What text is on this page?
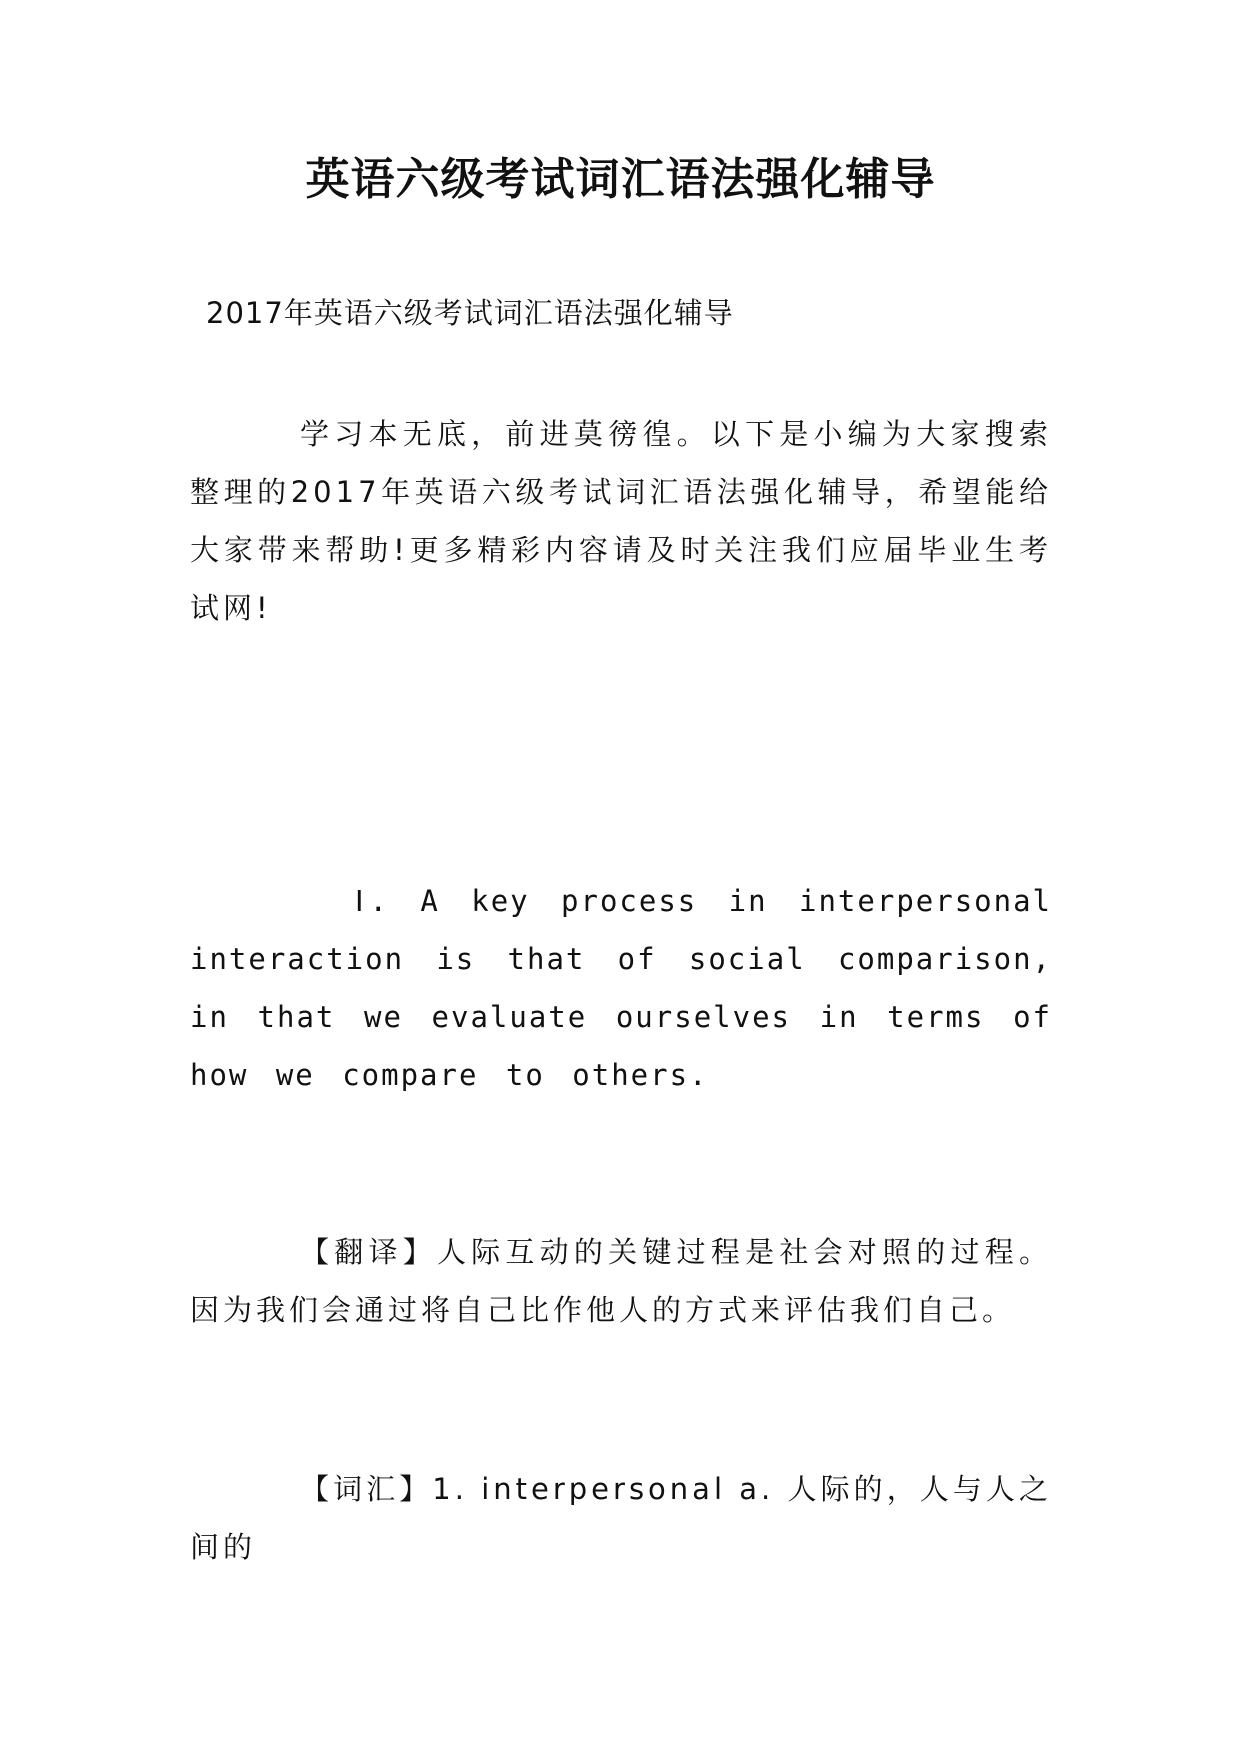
英语六级考试词汇语法强化辅导

2017年英语六级考试词汇语法强化辅导

学习本无底，前进莫徬徨。以下是小编为大家搜索整理的2017年英语六级考试词汇语法强化辅导，希望能给大家带来帮助!更多精彩内容请及时关注我们应届毕业生考试网!

Ⅰ. A key process in interpersonal interaction is that of social comparison, in that we evaluate ourselves in terms of how we compare to others.

【翻译】人际互动的关键过程是社会对照的过程。因为我们会通过将自己比作他人的方式来评估我们自己。

【词汇】1. interpersonal a. 人际的，人与人之间的
